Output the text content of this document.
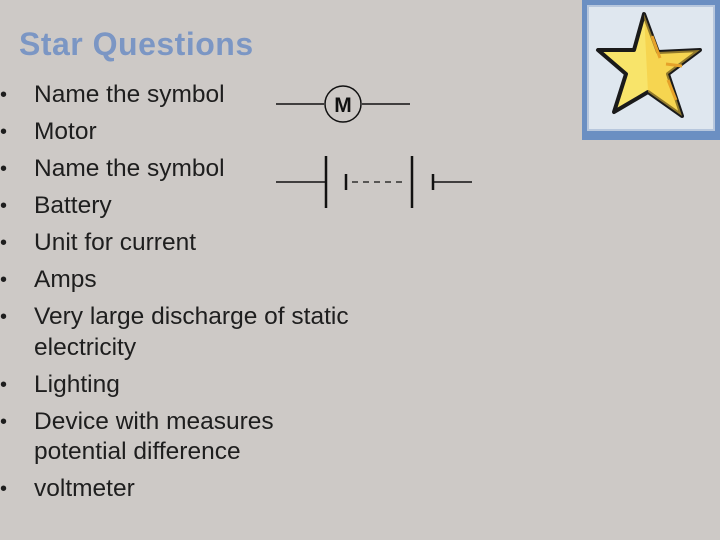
Star Questions
• Name the symbol
• Motor
• Name the symbol
• Battery
• Unit for current
• Amps
• Very large discharge of static electricity
• Lighting
• Device with measures potential difference
• voltmeter
M
